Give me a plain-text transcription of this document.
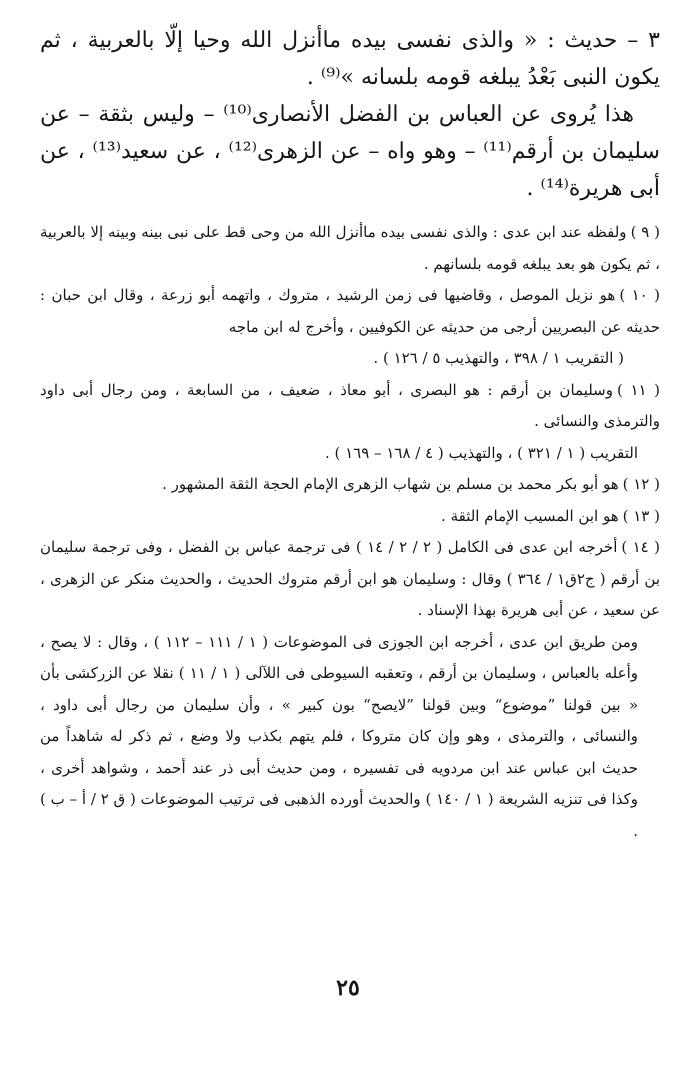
٣ – حديث : « والذى نفسى بيده ماأنزل الله وحيا إلّا بالعربية ، ثم يكون النبى بَعْدُ يبلغه قومه بلسانه »⁽⁹⁾ .

هذا يُروى عن العباس بن الفضل الأنصارى⁽¹⁰⁾ – وليس بثقة – عن سليمان بن أرقم⁽¹¹⁾ – وهو واه – عن الزهرى⁽¹²⁾ ، عن سعيد⁽¹³⁾ ، عن أبى هريرة⁽¹⁴⁾ .

( ٩ )ولفظه عند ابن عدى : والذى نفسى بيده ماأنزل الله من وحى قط على نبى بينه وبينه إلا بالعربية ، ثم يكون هو بعد يبلغه قومه بلسانهم .

( ١٠ )هو نزيل الموصل ، وقاضيها فى زمن الرشيد ، متروك ، واتهمه أبو زرعة ، وقال ابن حبان : حديثه عن البصريين أرجى من حديثه عن الكوفيين ، وأخرج له ابن ماجه

( التقريب ١ / ٣٩٨ ، والتهذيب ٥ / ١٢٦ ) .

( ١١ )وسليمان بن أرقم : هو البصرى ، أبو معاذ ، ضعيف ، من السابعة ، ومن رجال أبى داود والترمذى والنسائى .

التقريب ( ١ / ٣٢١ ) ، والتهذيب ( ٤ / ١٦٨ – ١٦٩ ) .

( ١٢ )هو أبو بكر محمد بن مسلم بن شهاب الزهرى الإمام الحجة الثقة المشهور .

( ١٣ )هو ابن المسيب الإمام الثقة .

( ١٤ )أخرجه ابن عدى فى الكامل ( ٢ / ٢ / ١٤ ) فى ترجمة عباس بن الفضل ، وفى ترجمة سليمان بن أرقم ( ج٢ق١ / ٣٦٤ ) وقال : وسليمان هو ابن أرقم متروك الحديث ، والحديث منكر عن الزهرى ، عن سعيد ، عن أبى هريرة بهذا الإسناد .

ومن طريق ابن عدى ، أخرجه ابن الجوزى فى الموضوعات ( ١ / ١١١ – ١١٢ ) ، وقال : لا يصح ، وأعله بالعباس ، وسليمان بن أرقم ، وتعقبه السيوطى فى اللآلى ( ١ / ١١ ) نقلا عن الزركشى بأن « بين قولنا ”موضوع“ وبين قولنا ”لايصح“ بون كبير » ، وأن سليمان من رجال أبى داود ، والنسائى ، والترمذى ، وهو وإن كان متروكا ، فلم يتهم بكذب ولا وضع ، ثم ذكر له شاهداً من حديث ابن عباس عند ابن مردويه فى تفسيره ، ومن حديث أبى ذر عند أحمد ، وشواهد أخرى ، وكذا فى تنزيه الشريعة ( ١ / ١٤٠ ) والحديث أورده الذهبى فى ترتيب الموضوعات ( ق ٢ / أ – ب ) .

٢٥
